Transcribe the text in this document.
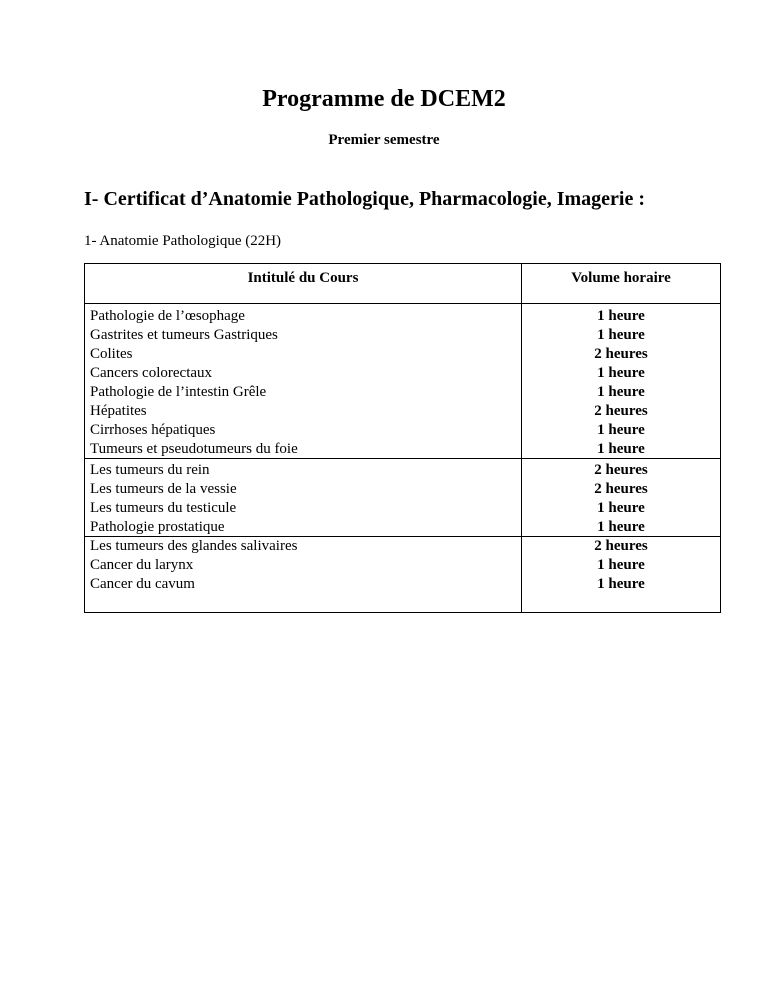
Programme de DCEM2
Premier semestre
I- Certificat d’Anatomie Pathologique, Pharmacologie, Imagerie :
1- Anatomie Pathologique (22H)
Intitulé du Cours	Volume horaire
Pathologie de l’œsophage	1 heure
Gastrites et tumeurs Gastriques	1 heure
Colites	2 heures
Cancers colorectaux	1 heure
Pathologie de l’intestin Grêle	1 heure
Hépatites	2 heures
Cirrhoses hépatiques	1 heure
Tumeurs et pseudotumeurs du foie	1 heure
Les tumeurs du rein	2 heures
Les tumeurs de la vessie	2 heures
Les tumeurs du testicule	1 heure
Pathologie prostatique	1 heure
Les tumeurs des glandes salivaires	2 heures
Cancer du larynx	1 heure
Cancer du cavum	1 heure
